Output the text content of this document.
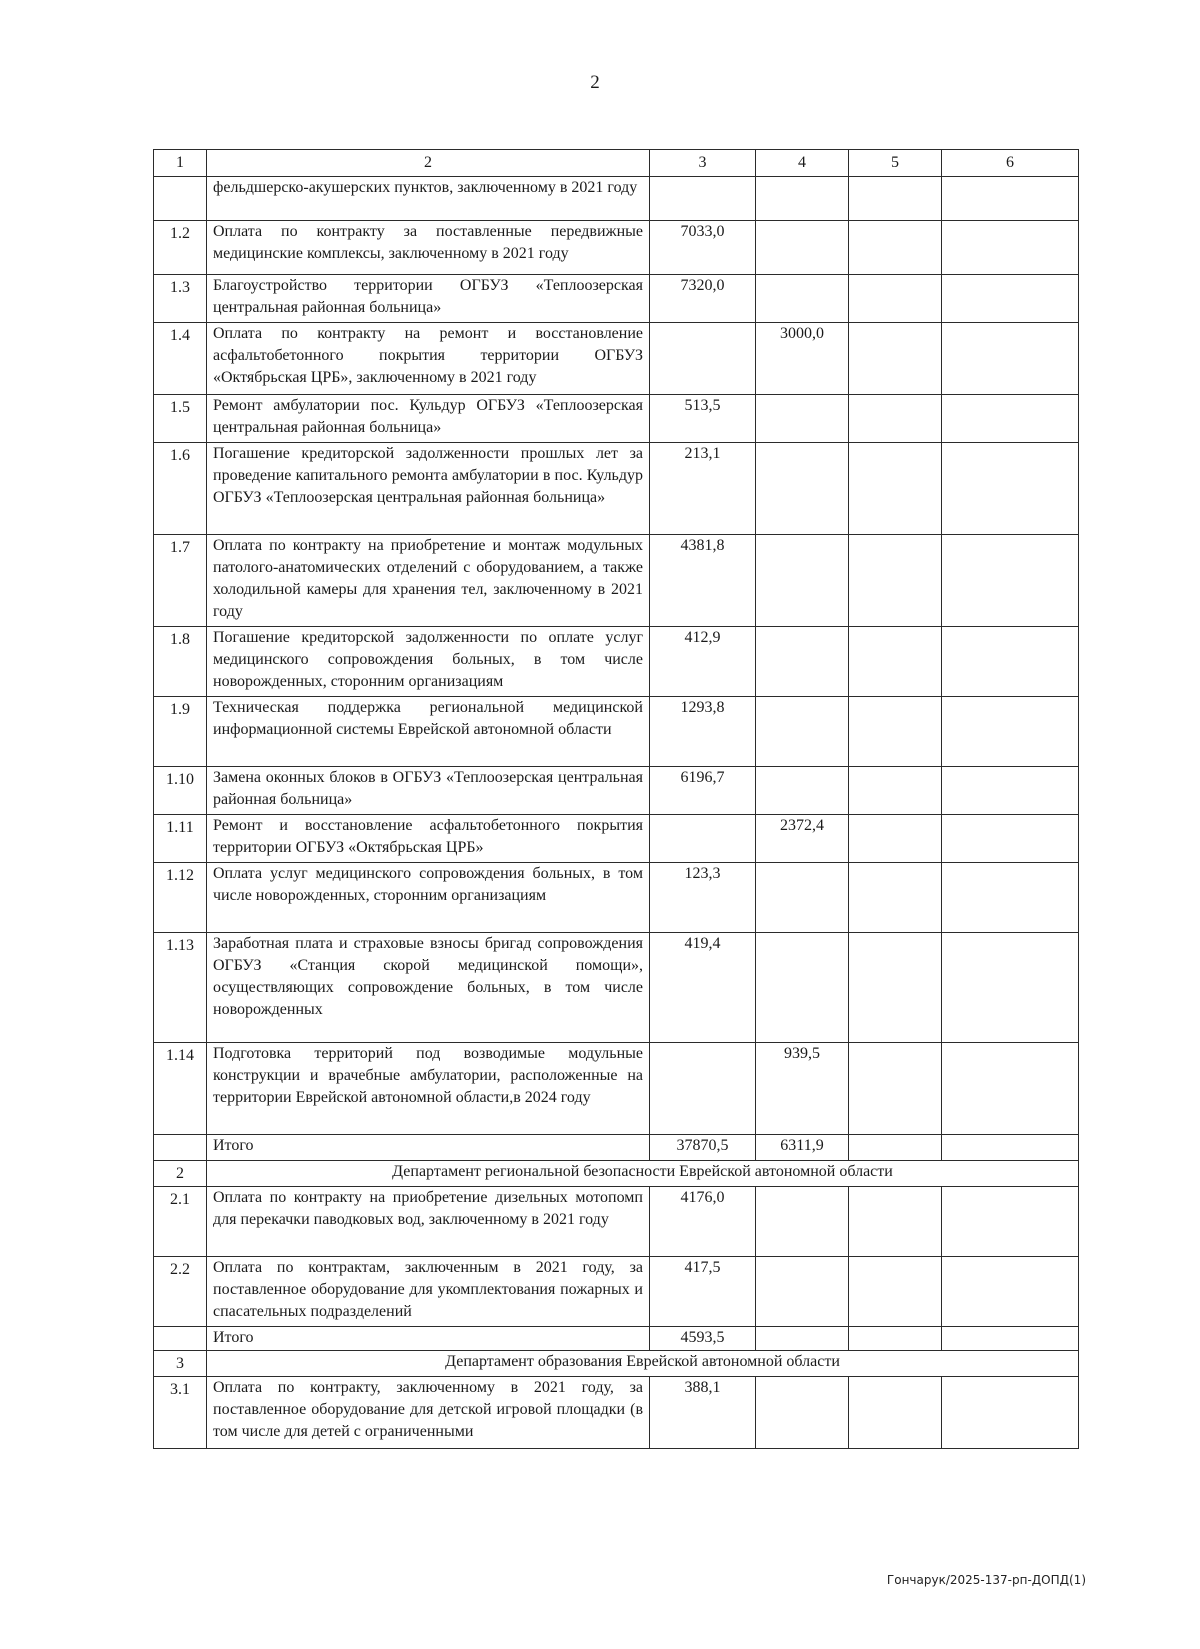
2
1	2	3	4	5	6
	фельдшерско-акушерских пунктов, заключенному в 2021 году				
1.2	Оплата по контракту за поставленные передвижные медицинские комплексы, заключенному в 2021 году	7033,0			
1.3	Благоустройство территории ОГБУЗ «Теплоозерская центральная районная больница»	7320,0			
1.4	Оплата по контракту на ремонт и восстановление асфальтобетонного покрытия территории ОГБУЗ «Октябрьская ЦРБ», заключенному в 2021 году		3000,0		
1.5	Ремонт амбулатории пос. Кульдур ОГБУЗ «Теплоозерская центральная районная больница»	513,5			
1.6	Погашение кредиторской задолженности прошлых лет за проведение капитального ремонта амбулатории в пос. Кульдур ОГБУЗ «Теплоозерская центральная районная больница»	213,1			
1.7	Оплата по контракту на приобретение и монтаж модульных патолого-анатомических отделений с оборудованием, а также холодильной камеры для хранения тел, заключенному в 2021 году	4381,8			
1.8	Погашение кредиторской задолженности по оплате услуг медицинского сопровождения больных, в том числе новорожденных, сторонним организациям	412,9			
1.9	Техническая поддержка региональной медицинской информационной системы Еврейской автономной области	1293,8			
1.10	Замена оконных блоков в ОГБУЗ «Теплоозерская центральная районная больница»	6196,7			
1.11	Ремонт и восстановление асфальтобетонного покрытия территории ОГБУЗ «Октябрьская ЦРБ»		2372,4		
1.12	Оплата услуг медицинского сопровождения больных, в том числе новорожденных, сторонним организациям	123,3			
1.13	Заработная плата и страховые взносы бригад сопровождения ОГБУЗ «Станция скорой медицинской помощи», осуществляющих сопровождение больных, в том числе новорожденных	419,4			
1.14	Подготовка территорий под возводимые модульные конструкции и врачебные амбулатории, расположенные на территории Еврейской автономной области,в 2024 году		939,5		
	Итого	37870,5	6311,9		
2	Департамент региональной безопасности Еврейской автономной области				
2.1	Оплата по контракту на приобретение дизельных мотопомп для перекачки паводковых вод, заключенному в 2021 году	4176,0			
2.2	Оплата по контрактам, заключенным в 2021 году, за поставленное оборудование для укомплектования пожарных и спасательных подразделений	417,5			
	Итого	4593,5			
3	Департамент образования Еврейской автономной области				
3.1	Оплата по контракту, заключенному в 2021 году, за поставленное оборудование для детской игровой площадки (в том числе для детей с ограниченными	388,1			
Гончарук/2025-137-рп-ДОПД(1)
